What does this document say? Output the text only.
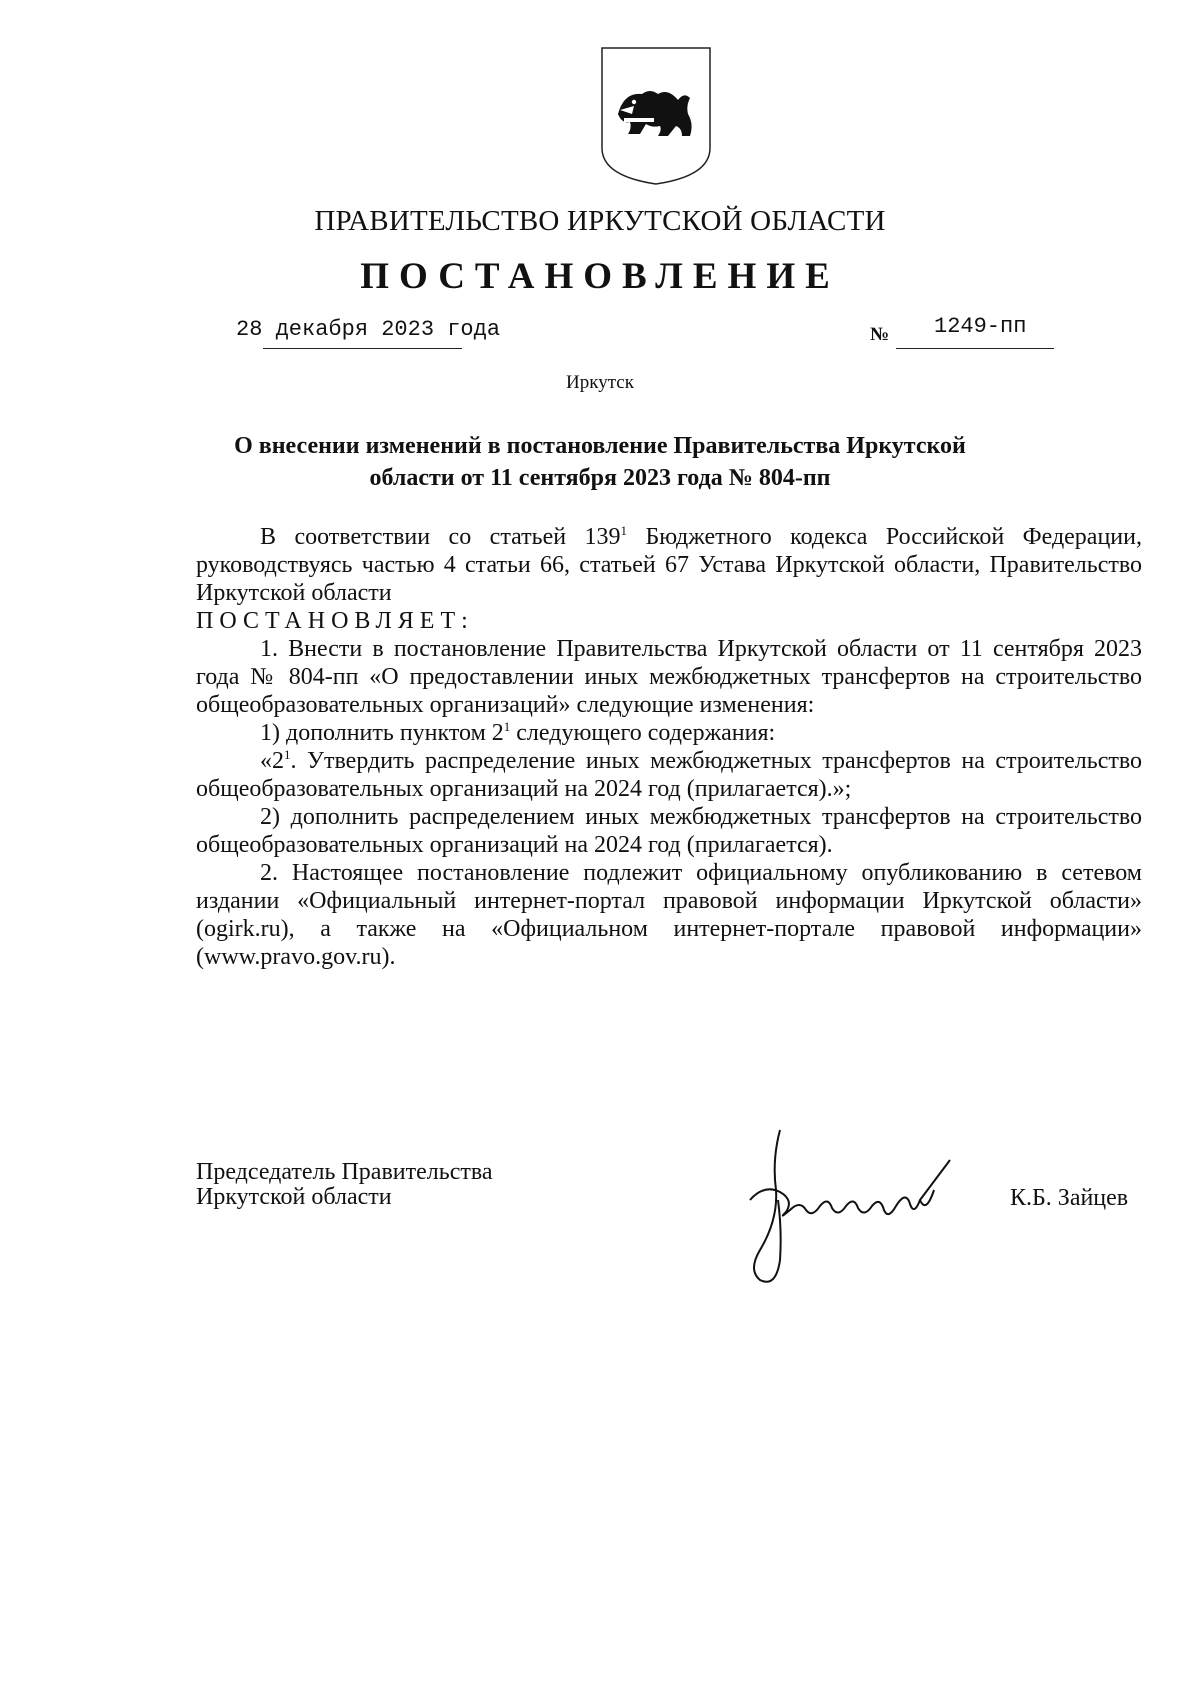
ПРАВИТЕЛЬСТВО ИРКУТСКОЙ ОБЛАСТИ
ПОСТАНОВЛЕНИЕ
28 декабря 2023 года	№ 1249-пп
Иркутск
О внесении изменений в постановление Правительства Иркутской
области от 11 сентября 2023 года № 804-пп

В соответствии со статьей $139^1$ Бюджетного кодекса Российской Федерации, руководствуясь частью 4 статьи 66, статьей 67 Устава Иркутской области, Правительство Иркутской области

ПОСТАНОВЛЯЕТ:

1. Внести в постановление Правительства Иркутской области от 11 сентября 2023 года № 804-пп «О предоставлении иных межбюджетных трансфертов на строительство общеобразовательных организаций» следующие изменения:

1) дополнить пунктом $2^1$ следующего содержания:

«$2^1$. Утвердить распределение иных межбюджетных трансфертов на строительство общеобразовательных организаций на 2024 год (прилагается).»;

2) дополнить распределением иных межбюджетных трансфертов на строительство общеобразовательных организаций на 2024 год (прилагается).

2. Настоящее постановление подлежит официальному опубликованию в сетевом издании «Официальный интернет-портал правовой информации Иркутской области» (ogirk.ru), а также на «Официальном интернет-портале правовой информации» (www.pravo.gov.ru).

Председатель Правительства
Иркутской области	К.Б. Зайцев
